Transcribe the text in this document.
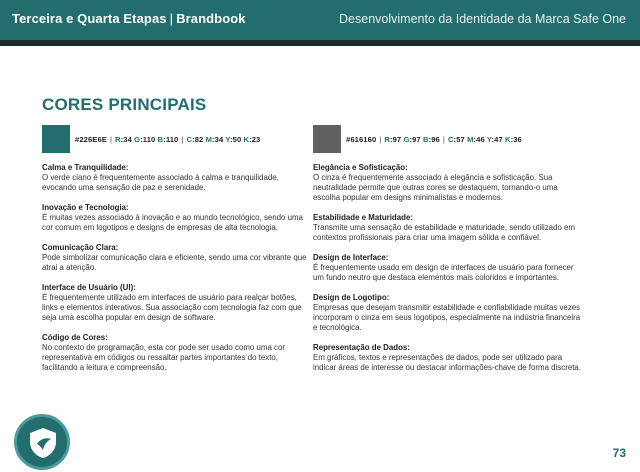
Terceira e Quarta Etapas | Brandbook	Desenvolvimento da Identidade da Marca Safe One
CORES PRINCIPAIS
#226E6E | R:34 G:110 B:110 | C:82 M:34 Y:50 K:23
Calma e Tranquilidade:
O verde ciano é frequentemente associado à calma e tranquilidade, evocando uma sensação de paz e serenidade.
Inovação e Tecnologia:
É muitas vezes associado à inovação e ao mundo tecnológico, sendo uma cor comum em logotipos e designs de empresas de alta tecnologia.
Comunicação Clara:
Pode simbolizar comunicação clara e eficiente, sendo uma cor vibrante que atrai a atenção.
Interface de Usuário (UI):
É frequentemente utilizado em interfaces de usuário para realçar botões, links e elementos interativos. Sua associação com tecnologia faz com que seja uma escolha popular em design de software.
Código de Cores:
No contexto de programação, esta cor pode ser usado como uma cor representativa em códigos ou ressaltar partes importantes do texto, facilitando a leitura e compreensão.
#616160 | R:97 G:97 B:96 | C:57 M:46 Y:47 K:36
Elegância e Sofisticação:
O cinza é frequentemente associado à elegância e sofisticação. Sua neutralidade permite que outras cores se destaquem, tornando-o uma escolha popular em designs minimalistas e modernos.
Estabilidade e Maturidade:
Transmite uma sensação de estabilidade e maturidade, sendo utilizado em contextos profissionais para criar uma imagem sólida e confiável.
Design de Interface:
É frequentemente usado em design de interfaces de usuário para fornecer um fundo neutro que destaca elementos mais coloridos e importantes.
Design de Logotipo:
Empresas que desejam transmitir estabilidade e confiabilidade muitas vezes incorporam o cinza em seus logotipos, especialmente na indústria financeira e tecnológica.
Representação de Dados:
Em gráficos, textos e representações de dados, pode ser utilizado para indicar áreas de interesse ou destacar informações-chave de forma discreta.
73
